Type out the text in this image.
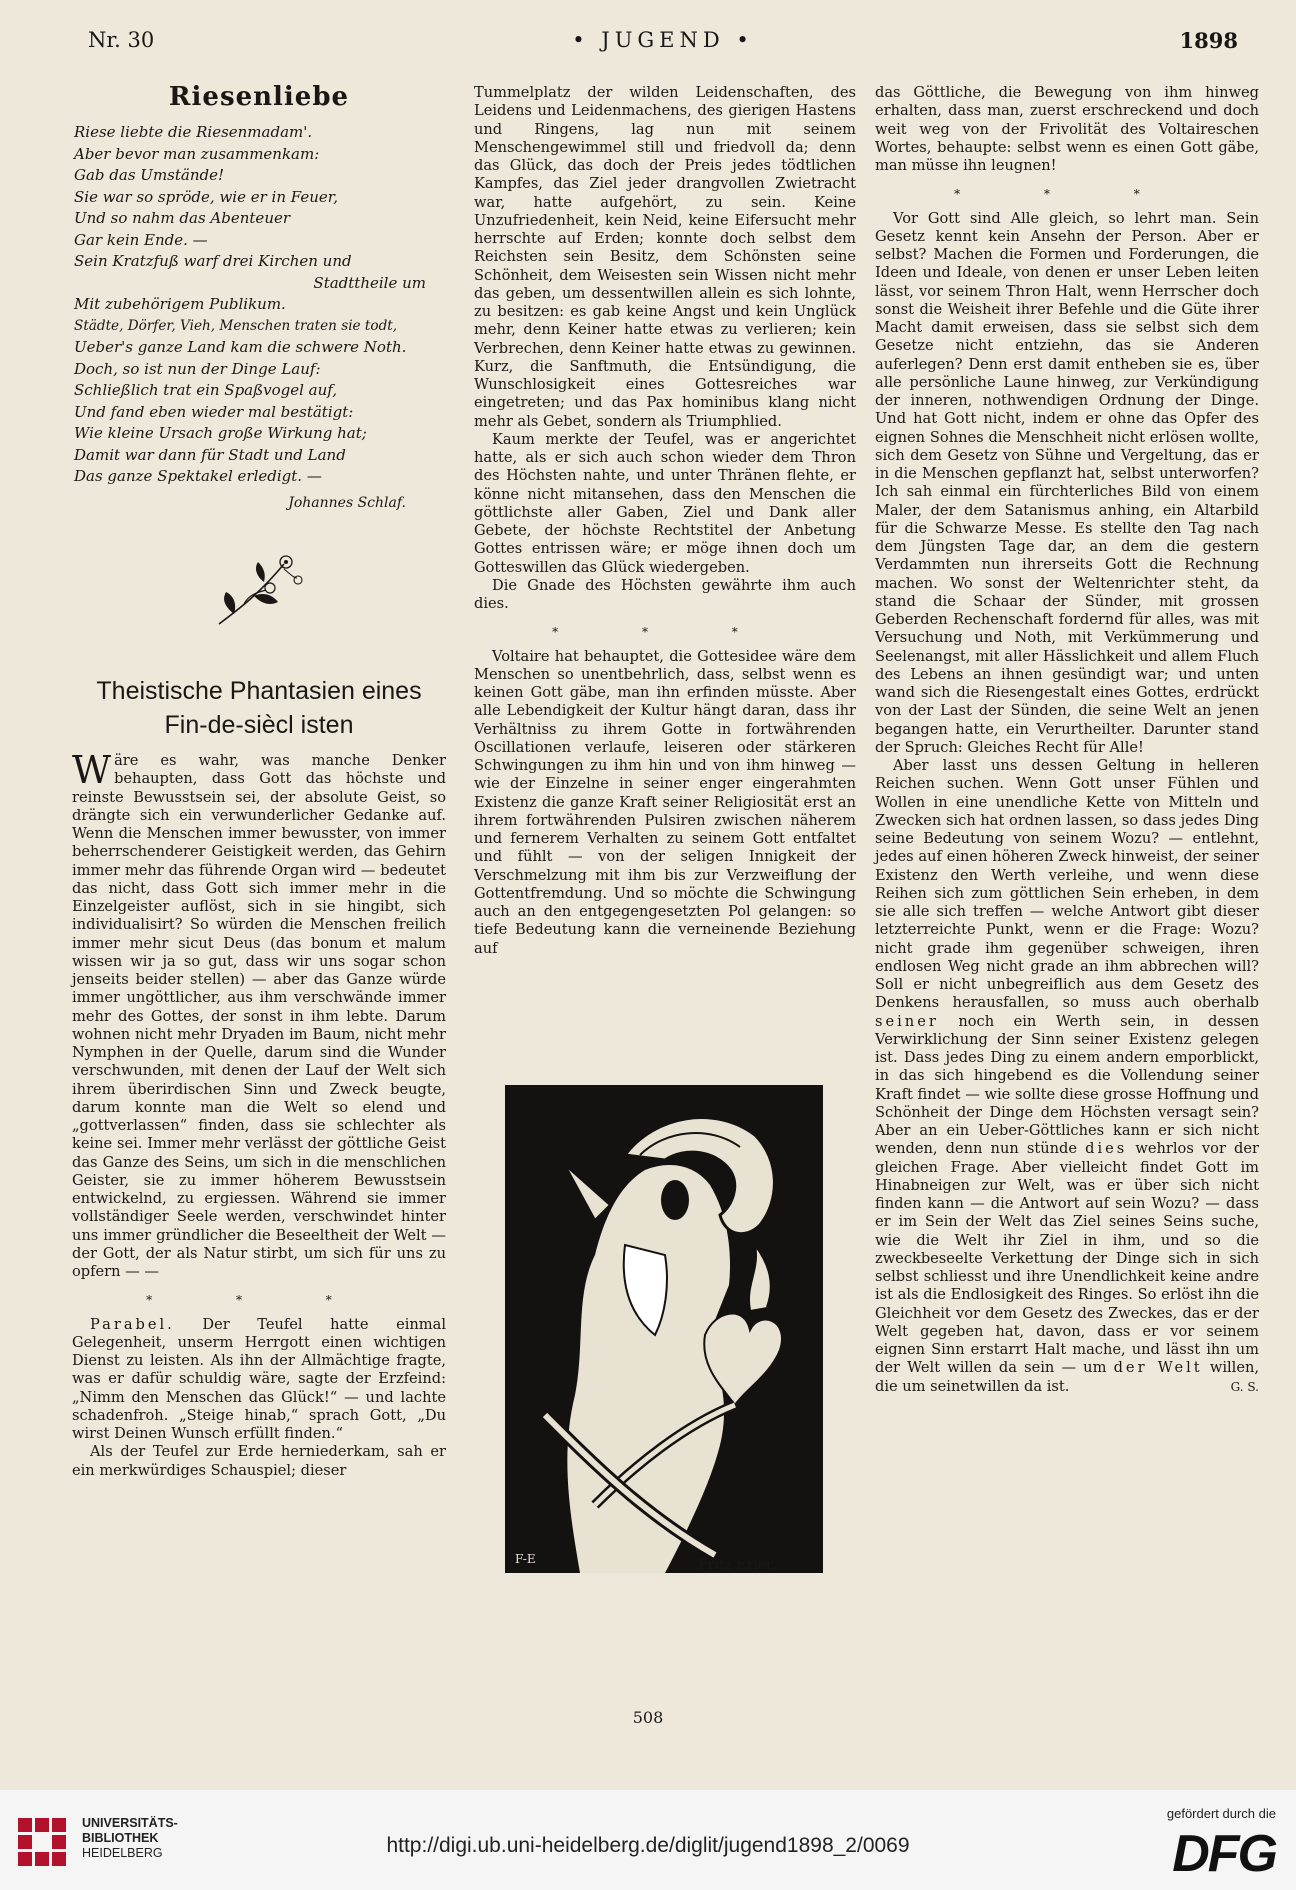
Nr. 30	• JUGEND •	1898
Riesenliebe
Riese liebte die Riesenmadam'.
Aber bevor man zusammenkam:
Gab das Umstände!
Sie war so spröde, wie er in Feuer,
Und so nahm das Abenteuer
Gar kein Ende. —
Sein Kratzfuß warf drei Kirchen und
Stadttheile um
Mit zubehörigem Publikum.
Städte, Dörfer, Vieh, Menschen traten sie todt,
Ueber's ganze Land kam die schwere Noth.
Doch, so ist nun der Dinge Lauf:
Schließlich trat ein Spaßvogel auf,
Und fand eben wieder mal bestätigt:
Wie kleine Ursach große Wirkung hat;
Damit war dann für Stadt und Land
Das ganze Spektakel erledigt. —
Johannes Schlaf.
Theistische Phantasien eines
Fin-de-siècl isten

Wäre es wahr, was manche Denker behaupten, dass Gott das höchste und reinste Bewusstsein sei, der absolute Geist, so drängte sich ein verwunderlicher Gedanke auf. Wenn die Menschen immer bewusster, von immer beherrschenderer Geistigkeit werden, das Gehirn immer mehr das führende Organ wird — bedeutet das nicht, dass Gott sich immer mehr in die Einzelgeister auflöst, sich in sie hingibt, sich individualisirt? So würden die Menschen freilich immer mehr sicut Deus (das bonum et malum wissen wir ja so gut, dass wir uns sogar schon jenseits beider stellen) — aber das Ganze würde immer ungöttlicher, aus ihm verschwände immer mehr des Gottes, der sonst in ihm lebte. Darum wohnen nicht mehr Dryaden im Baum, nicht mehr Nymphen in der Quelle, darum sind die Wunder verschwunden, mit denen der Lauf der Welt sich ihrem überirdischen Sinn und Zweck beugte, darum konnte man die Welt so elend und „gottverlassen“ finden, dass sie schlechter als keine sei. Immer mehr verlässt der göttliche Geist das Ganze des Seins, um sich in die menschlichen Geister, sie zu immer höherem Bewusstsein entwickelnd, zu ergiessen. Während sie immer vollständiger Seele werden, verschwindet hinter uns immer gründlicher die Beseeltheit der Welt — der Gott, der als Natur stirbt, um sich für uns zu opfern — —

* * *

Parabel. Der Teufel hatte einmal Gelegenheit, unserm Herrgott einen wichtigen Dienst zu leisten. Als ihn der Allmächtige fragte, was er dafür schuldig wäre, sagte der Erzfeind: „Nimm den Menschen das Glück!“ — und lachte schadenfroh. „Steige hinab,“ sprach Gott, „Du wirst Deinen Wunsch erfüllt finden.“

Als der Teufel zur Erde herniederkam, sah er ein merkwürdiges Schauspiel; dieser

Tummelplatz der wilden Leidenschaften, des Leidens und Leidenmachens, des gierigen Hastens und Ringens, lag nun mit seinem Menschengewimmel still und friedvoll da; denn das Glück, das doch der Preis jedes tödtlichen Kampfes, das Ziel jeder drangvollen Zwietracht war, hatte aufgehört, zu sein. Keine Unzufriedenheit, kein Neid, keine Eifersucht mehr herrschte auf Erden; konnte doch selbst dem Reichsten sein Besitz, dem Schönsten seine Schönheit, dem Weisesten sein Wissen nicht mehr das geben, um dessentwillen allein es sich lohnte, zu besitzen: es gab keine Angst und kein Unglück mehr, denn Keiner hatte etwas zu verlieren; kein Verbrechen, denn Keiner hatte etwas zu gewinnen. Kurz, die Sanftmuth, die Entsündigung, die Wunschlosigkeit eines Gottesreiches war eingetreten; und das Pax hominibus klang nicht mehr als Gebet, sondern als Triumphlied.

Kaum merkte der Teufel, was er angerichtet hatte, als er sich auch schon wieder dem Thron des Höchsten nahte, und unter Thränen flehte, er könne nicht mitansehen, dass den Menschen die göttlichste aller Gaben, Ziel und Dank aller Gebete, der höchste Rechtstitel der Anbetung Gottes entrissen wäre; er möge ihnen doch um Gotteswillen das Glück wiedergeben.

Die Gnade des Höchsten gewährte ihm auch dies.

* * *

Voltaire hat behauptet, die Gottesidee wäre dem Menschen so unentbehrlich, dass, selbst wenn es keinen Gott gäbe, man ihn erfinden müsste. Aber alle Lebendigkeit der Kultur hängt daran, dass ihr Verhältniss zu ihrem Gotte in fortwährenden Oscillationen verlaufe, leiseren oder stärkeren Schwingungen zu ihm hin und von ihm hinweg — wie der Einzelne in seiner enger eingerahmten Existenz die ganze Kraft seiner Religiosität erst an ihrem fortwährenden Pulsiren zwischen näherem und fernerem Verhalten zu seinem Gott entfaltet und fühlt — von der seligen Innigkeit der Verschmelzung mit ihm bis zur Verzweiflung der Gottentfremdung. Und so möchte die Schwingung auch an den entgegengesetzten Pol gelangen: so tiefe Bedeutung kann die verneinende Beziehung auf

F-E	Fritz Erler.

das Göttliche, die Bewegung von ihm hinweg erhalten, dass man, zuerst erschreckend und doch weit weg von der Frivolität des Voltaireschen Wortes, behaupte: selbst wenn es einen Gott gäbe, man müsse ihn leugnen!

* * *

Vor Gott sind Alle gleich, so lehrt man. Sein Gesetz kennt kein Ansehn der Person. Aber er selbst? Machen die Formen und Forderungen, die Ideen und Ideale, von denen er unser Leben leiten lässt, vor seinem Thron Halt, wenn Herrscher doch sonst die Weisheit ihrer Befehle und die Güte ihrer Macht damit erweisen, dass sie selbst sich dem Gesetze nicht entziehn, das sie Anderen auferlegen? Denn erst damit entheben sie es, über alle persönliche Laune hinweg, zur Verkündigung der inneren, nothwendigen Ordnung der Dinge. Und hat Gott nicht, indem er ohne das Opfer des eignen Sohnes die Menschheit nicht erlösen wollte, sich dem Gesetz von Sühne und Vergeltung, das er in die Menschen gepflanzt hat, selbst unterworfen? Ich sah einmal ein fürchterliches Bild von einem Maler, der dem Satanismus anhing, ein Altarbild für die Schwarze Messe. Es stellte den Tag nach dem Jüngsten Tage dar, an dem die gestern Verdammten nun ihrerseits Gott die Rechnung machen. Wo sonst der Weltenrichter steht, da stand die Schaar der Sünder, mit grossen Geberden Rechenschaft fordernd für alles, was mit Versuchung und Noth, mit Verkümmerung und Seelenangst, mit aller Hässlichkeit und allem Fluch des Lebens an ihnen gesündigt war; und unten wand sich die Riesengestalt eines Gottes, erdrückt von der Last der Sünden, die seine Welt an jenen begangen hatte, ein Verurtheilter. Darunter stand der Spruch: Gleiches Recht für Alle!

Aber lasst uns dessen Geltung in helleren Reichen suchen. Wenn Gott unser Fühlen und Wollen in eine unendliche Kette von Mitteln und Zwecken sich hat ordnen lassen, so dass jedes Ding seine Bedeutung von seinem Wozu? — entlehnt, jedes auf einen höheren Zweck hinweist, der seiner Existenz den Werth verleihe, und wenn diese Reihen sich zum göttlichen Sein erheben, in dem sie alle sich treffen — welche Antwort gibt dieser letzterreichte Punkt, wenn er die Frage: Wozu? nicht grade ihm gegenüber schweigen, ihren endlosen Weg nicht grade an ihm abbrechen will? Soll er nicht unbegreiflich aus dem Gesetz des Denkens herausfallen, so muss auch oberhalb seiner noch ein Werth sein, in dessen Verwirklichung der Sinn seiner Existenz gelegen ist. Dass jedes Ding zu einem andern emporblickt, in das sich hingebend es die Vollendung seiner Kraft findet — wie sollte diese grosse Hoffnung und Schönheit der Dinge dem Höchsten versagt sein? Aber an ein Ueber-Göttliches kann er sich nicht wenden, denn nun stünde dies wehrlos vor der gleichen Frage. Aber vielleicht findet Gott im Hinabneigen zur Welt, was er über sich nicht finden kann — die Antwort auf sein Wozu? — dass er im Sein der Welt das Ziel seines Seins suche, wie die Welt ihr Ziel in ihm, und so die zweckbeseelte Verkettung der Dinge sich in sich selbst schliesst und ihre Unendlichkeit keine andre ist als die Endlosigkeit des Ringes. So erlöst ihn die Gleichheit vor dem Gesetz des Zweckes, das er der Welt gegeben hat, davon, dass er vor seinem eignen Sinn erstarrt Halt mache, und lässt ihn um der Welt willen da sein — um der Welt willen, die um seinetwillen da ist.	G. S.

508
UNIVERSITÄTS-
BIBLIOTHEK
HEIDELBERG	http://digi.ub.uni-heidelberg.de/diglit/jugend1898_2/0069
gefördert durch die
DFG
